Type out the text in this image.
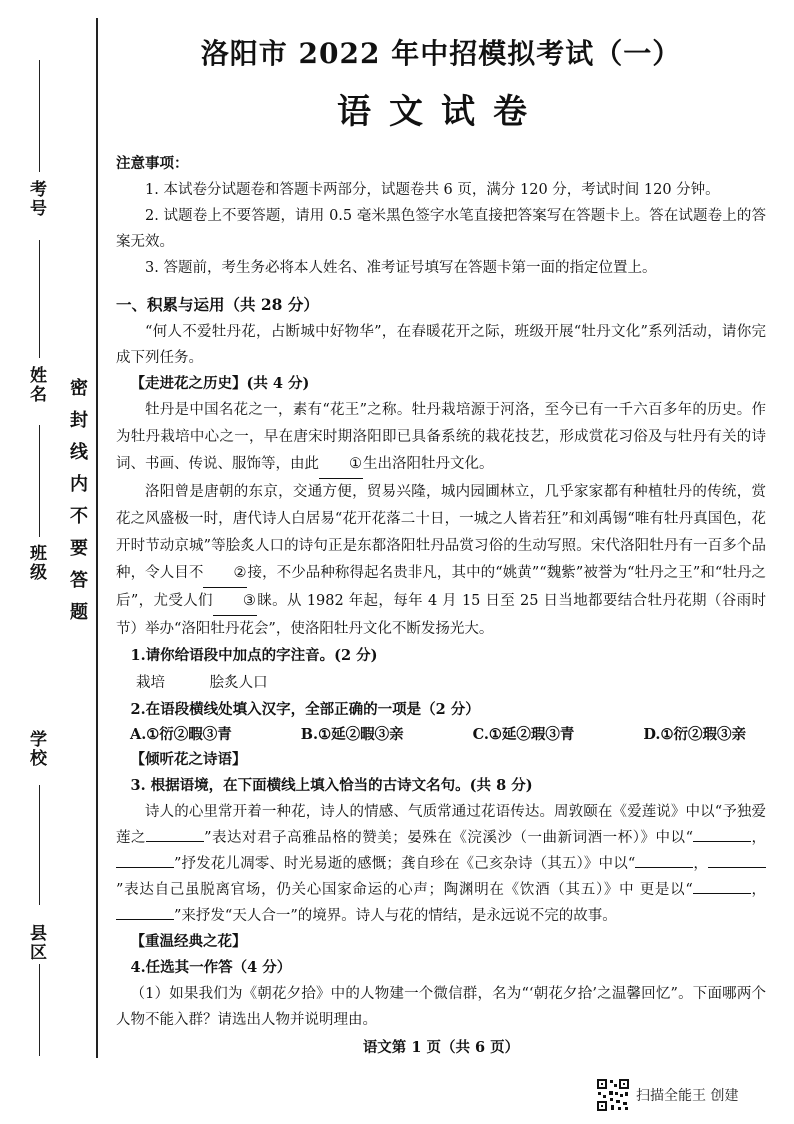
考号
姓名
班级
学校
县区
密封线内不要答题
洛阳市 2022 年中招模拟考试（一）
语文试卷

注意事项：

1. 本试卷分试题卷和答题卡两部分，试题卷共 6 页，满分 120 分，考试时间 120 分钟。

2. 试题卷上不要答题，请用 0.5 毫米黑色签字水笔直接把答案写在答题卡上。答在试题卷上的答案无效。

3. 答题前，考生务必将本人姓名、准考证号填写在答题卡第一面的指定位置上。

一、积累与运用（共 28 分）

“何人不爱牡丹花，占断城中好物华”，在春暖花开之际，班级开展“牡丹文化”系列活动，请你完成下列任务。

【走进花之历史】(共 4 分)

牡丹是中国名花之一，素有“花王”之称。牡丹栽培源于河洛，至今已有一千六百多年的历史。作为牡丹栽培中心之一，早在唐宋时期洛阳即已具备系统的栽花技艺，形成赏花习俗及与牡丹有关的诗词、书画、传说、服饰等，由此 ①生出洛阳牡丹文化。

洛阳曾是唐朝的东京，交通方便，贸易兴隆，城内园圃林立，几乎家家都有种植牡丹的传统，赏花之风盛极一时，唐代诗人白居易“花开花落二十日，一城之人皆若狂”和刘禹锡“唯有牡丹真国色，花开时节动京城”等脍炙人口的诗句正是东都洛阳牡丹品赏习俗的生动写照。宋代洛阳牡丹有一百多个品种，令人目不 ②接，不少品种称得起名贵非凡，其中的“姚黄”“魏紫”被誉为“牡丹之王”和“牡丹之后”，尤受人们 ③睐。从 1982 年起，每年 4 月 15 日至 25 日当地都要结合牡丹花期（谷雨时节）举办“洛阳牡丹花会”，使洛阳牡丹文化不断发扬光大。

1.请你给语段中加点的字注音。(2 分)

栽培	脍炙人口

2.在语段横线处填入汉字，全部正确的一项是（2 分）

A.①衍②暇③青	B.①延②暇③亲	C.①延②瑕③青	D.①衍②瑕③亲

【倾听花之诗语】

3. 根据语境，在下面横线上填入恰当的古诗文名句。(共 8 分)

诗人的心里常开着一种花，诗人的情感、气质常通过花语传达。周敦颐在《爱莲说》中以“予独爱莲之	”表达对君子高雅品格的赞美；晏殊在《浣溪沙（一曲新词酒一杯）》中以“	，”抒发花儿凋零、时光易逝的感慨；龚自珍在《己亥杂诗（其五）》中以“	，”表达自己虽脱离官场，仍关心国家命运的心声；陶渊明在《饮酒（其五）》中 更是以“	，”来抒发“天人合一”的境界。诗人与花的情结，是永远说不完的故事。

【重温经典之花】

4.任选其一作答（4 分）

（1）如果我们为《朝花夕拾》中的人物建一个微信群，名为“‘朝花夕拾’之温馨回忆”。下面哪两个人物不能入群？请选出人物并说明理由。

语文第 1 页（共 6 页）
扫描全能王 创建
